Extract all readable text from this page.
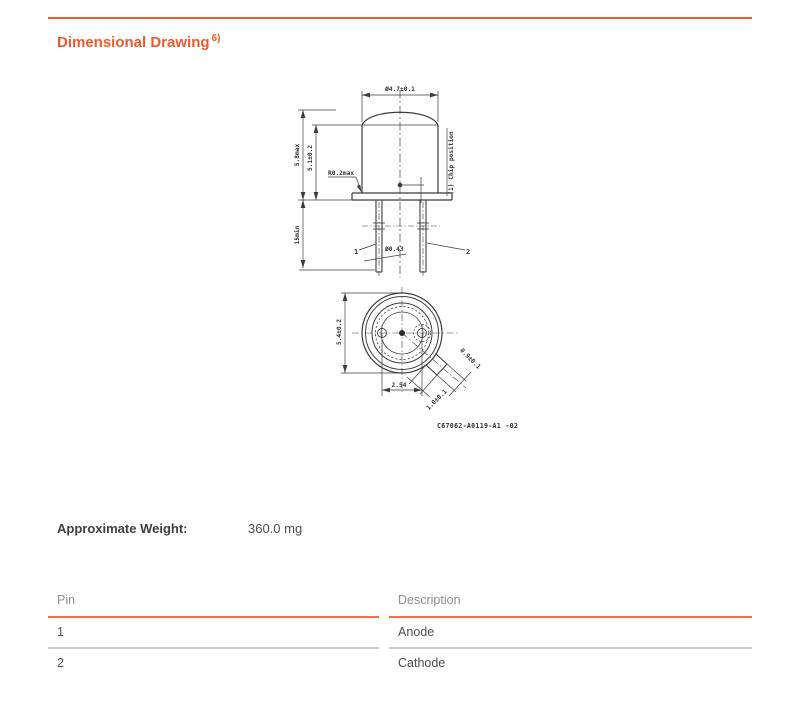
Dimensional Drawing $^{6)}$
Ø4.7±0.1
5.8max 5.1±0.2
R0.2max	(1) Chip position
15min
1	2
Ø0.43
0.9±0.1
1.0±0.1
5.4±0.2
2.54
C67062-A0119-A1 -02
Approximate Weight:	360.0 mg
Pin	Description
1	Anode
2	Cathode
